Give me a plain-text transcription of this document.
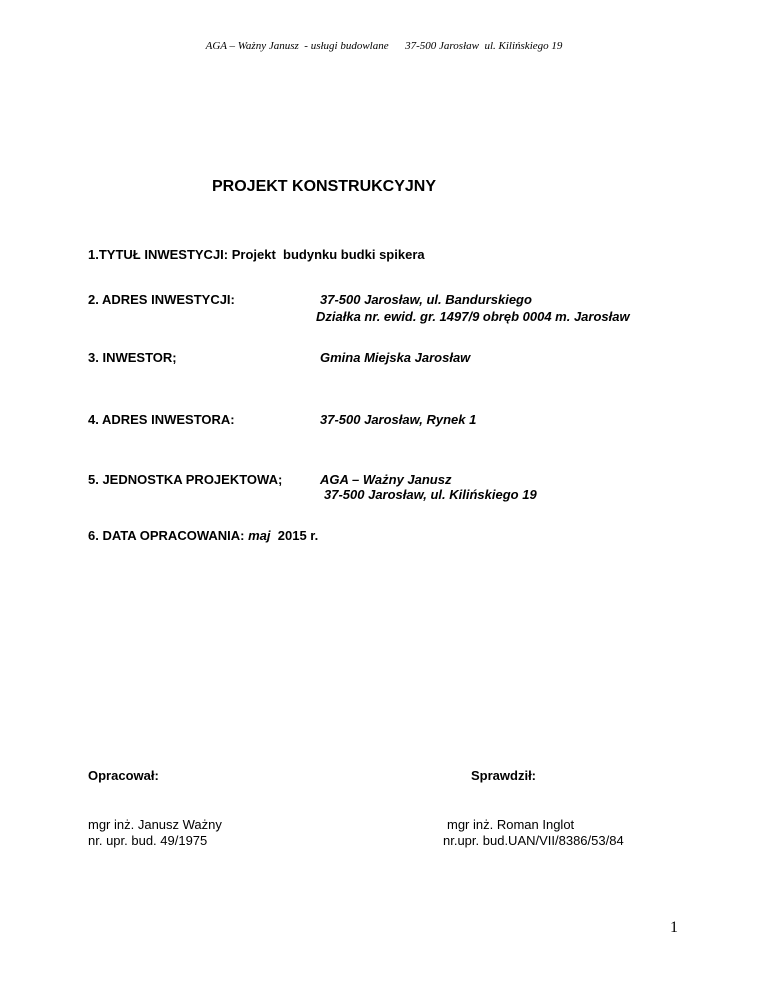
AGA – Ważny Janusz  - usługi budowlane 37-500 Jarosław  ul. Kilińskiego 19
PROJEKT KONSTRUKCYJNY
1.TYTUŁ INWESTYCJI: Projekt  budynku budki spikera
2. ADRES INWESTYCJI:	37-500 Jarosław, ul. Bandurskiego
Działka nr. ewid. gr. 1497/9 obręb 0004 m. Jarosław
3. INWESTOR;	Gmina Miejska Jarosław
4. ADRES INWESTORA:	37-500 Jarosław, Rynek 1
5. JEDNOSTKA PROJEKTOWA;	AGA – Ważny Janusz
37-500 Jarosław, ul. Kilińskiego 19
6. DATA OPRACOWANIA: maj 2015 r.
Opracował:
mgr inż. Janusz Ważny
nr. upr. bud. 49/1975
Sprawdził:
mgr inż. Roman Inglot
nr.upr. bud.UAN/VII/8386/53/84
1
